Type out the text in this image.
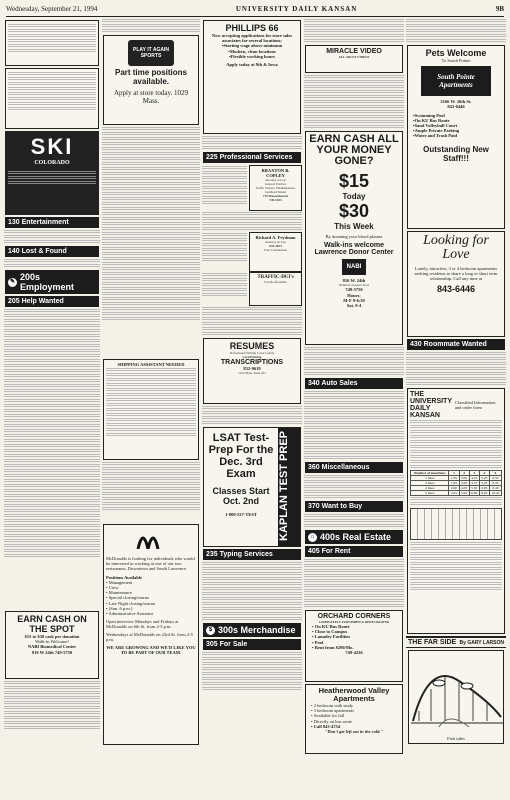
Wednesday, September 21, 1994	UNIVERSITY DAILY KANSAN	9B
SKI
COLORADO
130 Entertainment
140 Lost & Found
✎ 200s Employment
205 Help Wanted
EARN CASH ON THE SPOT
$15 to $30 cash per donation
Walk-in Welcome!
NABI Biomedical Center
816 W 24th 749-5750
PLAY IT AGAIN SPORTS
Part time positions available.
Apply at store today. 1029 Mass.
SHIPPING ASSISTANT NEEDED
McDonalds is looking for individuals who would be interested in working at one of our two restaurants, Downtown and South Lawrence.
Positions Available
• Management
• Crew
• Maintenance
• Special closing/tourna
• Late Night closing/tourna
• (Sun. 6 p.m.)
• Administrative Assistant
Open interview Mondays and Fridays at McDonalds on 6th St. from 2-5 p.m.
Wednesdays at McDonalds on 23rd St. from 2-5 p.m.
WE ARE GROWING AND WE'D LIKE YOU TO BE PART OF OUR TEAM.
PHILLIPS 66
Now accepting applications for store sales associates for several locations:
•Starting wage above minimum
•Modern, clean locations
•Flexible working hours
Apply today at 9th & Iowa
225 Professional Services
BRAXTON B. COPLEY
Attorney at Law
General Practice
Traffic Tickets, Misdemeanors, Landlord/Tenant
719 Massachusetts
749-5333
Richard A. Frydman
Attorney At Law
843-4023
Free Consultation
TRAFFIC-DUI's
Fast & affordable
RESUMES
Professional Writing Cover Letters
Lord Printing
TRANSCRIPTIONS
832-0619
1012 Mass. Suite 201
LSAT Test-Prep For the Dec. 3rd Exam
Classes Start Oct. 2nd
1-800-527-TEST	KAPLAN TEST PREP
235 Typing Services
$ 300s Merchandise
305 For Sale
MIRACLE VIDEO
ALL ADULT VIDEOS
EARN CASH ALL YOUR MONEY GONE?
$15
Today
$30
This Week
By donating your blood plasma
Walk-ins welcome
Lawrence Donor Center
NABI
816 W. 24th
Behind Lawrence Ford
749-5750
Hours:
M-F 9-6:30
Sat. 9-4
340 Auto Sales
360 Miscellaneous
370 Want to Buy
⌂ 400s Real Estate
405 For Rent
ORCHARD CORNERS
COMPLETELY FURNISHED & REDECORATED
• On KU Bus Route
• Close to Campus
• Laundry Facilities
• Pool
• Rent from $290/Mo.
749-4226
Heatherwood Valley Apartments
• 2 bedroom with study
• 3 bedroom apartments
• Available for fall
• Directly on bus route
• Call 843-4754
"Don't get left out in the cold."
Pets Welcome
To South Pointe
South Pointe Apartments
2166 W. 26th St.
843-6446
•Swimming Pool
•On KU Bus Route
•Sand Volleyball Court
•Ample Private Parking
•Water and Trash Paid
Outstanding New Staff!!!
Looking for Love
Lonely, attractive, 3 or 4 bedroom apartments seeking residents to share a long or short term relationship. Call any time at
843-6446
430 Roommate Wanted
THE UNIVERSITY DAILY KANSAN
Classified Information and order form
Number of insertions	1	2	3	4	5
1 lines	1.95	3.05	4.15	5.25	6.35
3 lines	1.95	3.05	4.15	5.25	6.35
4 lines	2.60	4.05	5.50	6.95	8.40
5 lines	3.25	5.05	6.85	8.65	10.45
THE FAR SIDE By GARY LARSON
Fish rides
